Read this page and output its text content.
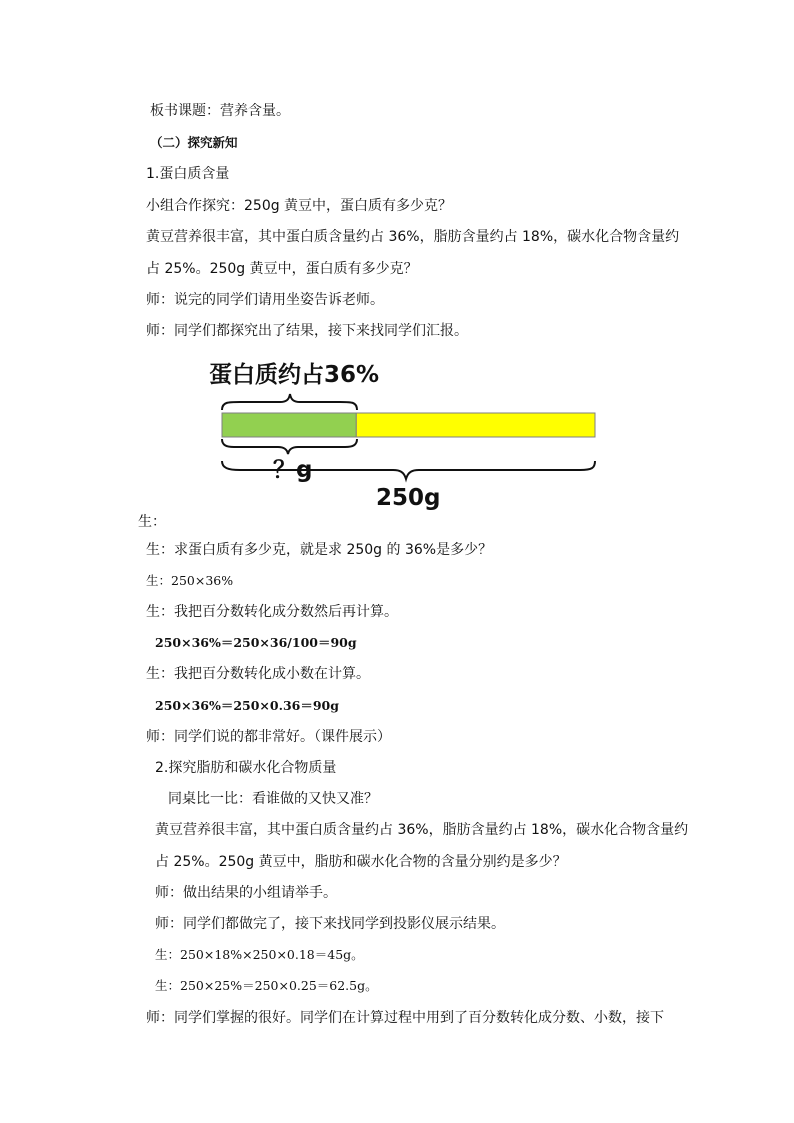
板书课题：营养含量。
（二）探究新知
1.蛋白质含量
小组合作探究：250g 黄豆中，蛋白质有多少克？
黄豆营养很丰富，其中蛋白质含量约占 36%，脂肪含量约占 18%，碳水化合物含量约
占 25%。250g 黄豆中，蛋白质有多少克？
师：说完的同学们请用坐姿告诉老师。
师：同学们都探究出了结果，接下来找同学们汇报。
蛋白质约占36%
？g
250g
生：
生：求蛋白质有多少克，就是求 250g 的 36%是多少？
生：250×36%
生：我把百分数转化成分数然后再计算。
250×36%＝250×36/100＝90g
生：我把百分数转化成小数在计算。
250×36%＝250×0.36＝90g
师：同学们说的都非常好。（课件展示）
2.探究脂肪和碳水化合物质量
同桌比一比：看谁做的又快又准？
黄豆营养很丰富，其中蛋白质含量约占 36%，脂肪含量约占 18%，碳水化合物含量约
占 25%。250g 黄豆中，脂肪和碳水化合物的含量分别约是多少？
师：做出结果的小组请举手。
师：同学们都做完了，接下来找同学到投影仪展示结果。
生：250×18%×250×0.18＝45g。
生：250×25%＝250×0.25＝62.5g。
师：同学们掌握的很好。同学们在计算过程中用到了百分数转化成分数、小数，接下
